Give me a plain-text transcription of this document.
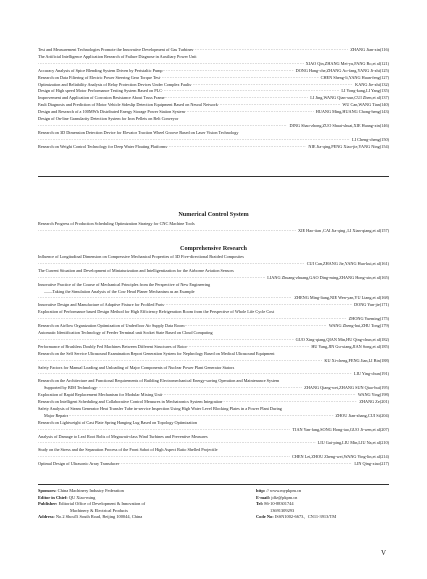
Test and Measurement Technologies Promote the Innovative Development of Gas Turbines ·····	ZHANG Jian-xin(116)
The Artificial Intelligence Application Research of Failure Diagnose in Auxiliary Power Unit
·····
XIAO Qin,ZHANG Mei-yu,FANG Bo,et al(121)
Accuracy Analysis of Spice Blending System Driven by Peristaltic Pump ·····	DONG Hang-che,ZHANG Ao-fang,YANG Ji-zhi(125)
Research on Data Filtering of Electric Power Steering Gear Torque Test ·····	CHEN Sheng-li,YANG Huan-feng(127)
Optimization and Reliability Analysis of Relay Protection Devices Under Complex Faults ·····	KANG Jie-zhi(132)
Design of High speed Motor Performance Testing System Based on PLC ·····	LI Yong-kang,LI Yang(135)
Improvement and Application of Corrosion Resistance About Truss Frame ·····	LI Jing,WANG Qian-xun,CUI Zhen,et al(137)
Fault Diagnosis and Prediction of Motor Vehicle Sideslip Detection Equipment Based on Neural Network ·····	WU Can,WANG Tian(140)
Design and Research of a 100MWh Distributed Energy Storage Power Station System ·····	HUANG Ming,HUANG Chong-heng(143)
Design of On-line Granularity Detection System for Iron Pellets on Belt Conveyor
·····
DING Shao-zhong,ZUO Shuai-shuai,XIE Huang-xin(146)
Research on 3D Dimension Detection Device for Elevator Traction Wheel Groove Based on Laser Vision Technology
·····
LI Cheng-cheng(150)
Research on Weight Control Technology for Deep Water Floating Platforms ·····	NIE Jia-qing,PENG Xiao-jie,YANG Ning(154)
Numerical Control System
Research Progress of Production Scheduling Optimization Strategy for CNC Machine Tools
·····
XIE Hao-tian ,CAI Jia-qing ,LI Xian-qiang,et al(157)
Comprehensive Research
Influence of Longitudinal Dimension on Compressive Mechanical Properties of 3D Five-directional Braided Composites
·····
CUI Can,ZHANG Jie,YANG Hua-kui,et al(161)
The Current Situation and Development of Miniaturization and Intelligentization for the Airborne Aviation Sensors
·····
LIANG Zhuang-zhuang,GAO Ding-ming,ZHANG Hong-xin,et al(165)
Innovative Practice of the Course of Mechanical Principles from the Perspective of New Engineering
——Taking the Simulation Analysis of the Cow Head Planer Mechanism as an Example
·····
ZHENG Ming-liang,NIE Wen-yan,YU Liang,et al(168)
Innovative Design and Manufacture of Adaptive Fixture for Profiled Parts ·····	DONG Yun-jie(171)
Exploration of Performance based Design Method for High Efficiency Refrigeration Room from the Perspective of Whole Life Cycle Cost
·····
ZHONG Yueming(175)
Research on Airflow Organization Optimization of Underfloor Air Supply Data Room ·····	WANG Zheng-hui,ZHU Tong(179)
Automatic Identification Technology of Feeder Terminal unit Socket State Based on Cloud Computing
·····
GUO Xing-qiang,QIAN Min,HU Qing-chun,et al(182)
Performance of Brushless Doubly Fed Machines Between Different Structures of Rotor ·····	HU Yang,JIN Gu-xiang,JIAN Song,et al(185)
Research on the Self Service Ultrasound Examination Report Generation System for Nephrology Based on Medical Ultrasound Equipment
·····
KU Xi-cheng,FENG Jian,LI Bin(188)
Safety Factors for Manual Loading and Unloading of Major Components of Nuclear Power Plant Generator Stators
·····
LIU Ying-chun(191)
Research on the Architecture and Functional Requirements of Building Electromechanical Energy-saving Operation and Maintenance System
Supported by BIM Technology ·····	ZHANG Qiang-wei,ZHANG SUN Qiao-hui(195)
Exploration of Rapid Replacement Mechanism for Modular Mixing Unit ·····	WANG Ying(198)
Research on Intelligent Scheduling and Collaborative Control Measures in Mechatronics System Integration ·····	ZHANG Ze(201)
Safety Analysis of Steam Generator Heat Transfer Tube in-service Inspection Using High Water Level Blocking Plates in a Power Plant During
Major Repairs ·····	ZHOU Jian-zhang,CUI Si(204)
Research on Lightweight of Cast Plate Spring Hanging Lug Based on Topology Optimization
·····
TIAN Yan-fang,SONG Hong-tao,GUO Ji-wen,et al(207)
Analysis of Damage to Leaf Root Bolts of Megawatt-class Wind Turbines and Preventive Measures
·····
LIU Gui-ping,LIU Min,LIU Na,et al(210)
Study on the Stress and the Separation Process of the Front Sabot of High Aspect Ratio Shelled Projectile
·····
CHEN Lei,ZHOU Zheng-wei,WANG Ying-lin,et al(214)
Optimal Design of Ultrasonic Array Transducer ·····	LIN Qing-xiao(217)
Sponsors: China Machinery Industry Federation
Editor in Chief: QU Xiao-ming
Publisher: Editorial Office of Development & Innovation of
Machinery & Electrical Products
Address: No.2 ShouTi South Road, Beijing 100044, China
http: // www.mypkpm.cn
E-mail: jdfz@pkpm.cn
Tel: 86-10-88301744
13691309293
Code No: ISSN1002-6673、CN11-3913/TM
V
